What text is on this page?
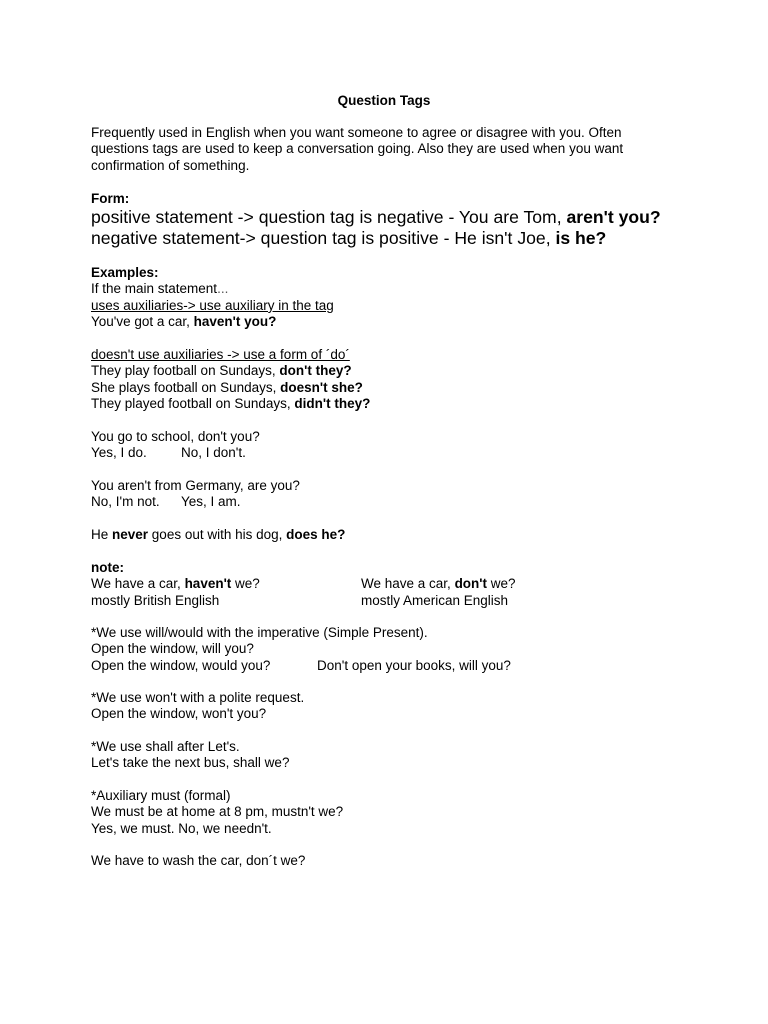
Question Tags
Frequently used in English when you want someone to agree or disagree with you. Often
questions tags are used to keep a conversation going. Also they are used when you want
confirmation of something.
Form:
positive statement -> question tag is negative - You are Tom, aren't you?
negative statement-> question tag is positive - He isn't Joe, is he?
Examples:
If the main statement...
uses auxiliaries-> use auxiliary in the tag
You've got a car, haven't you?
doesn't use auxiliaries -> use a form of ´do´
They play football on Sundays, don't they?
She plays football on Sundays, doesn't she?
They played football on Sundays, didn't they?
You go to school, don't you?
Yes, I do.	No, I don't.
You aren't from Germany, are you?
No, I'm not. Yes, I am.
He never goes out with his dog, does he?
note:
We have a car, haven't we?	We have a car, don't we?
mostly British English	mostly American English
*We use will/would with the imperative (Simple Present).
Open the window, will you?
Open the window, would you?	Don't open your books, will you?
*We use won't with a polite request.
Open the window, won't you?
*We use shall after Let's.
Let's take the next bus, shall we?
*Auxiliary must (formal)
We must be at home at 8 pm, mustn't we?
Yes, we must. No, we needn't.
We have to wash the car, don´t we?
